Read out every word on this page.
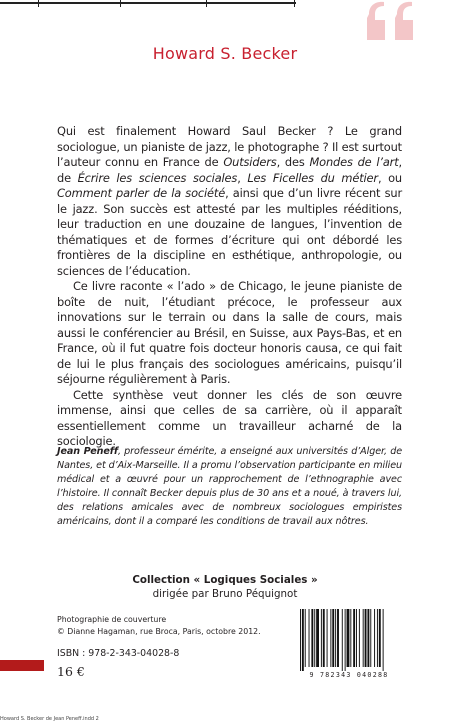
Howard S. Becker

Qui est finalement Howard Saul Becker ? Le grand sociologue, un pianiste de jazz, le photographe ? Il est surtout l’auteur connu en France de Outsiders, des Mondes de l’art, de Écrire les sciences sociales, Les Ficelles du métier, ou Comment parler de la société, ainsi que d’un livre récent sur le jazz. Son succès est attesté par les multiples rééditions, leur traduction en une douzaine de langues, l’invention de thématiques et de formes d’écriture qui ont débordé les frontières de la discipline en esthétique, anthropologie, ou sciences de l’éducation.

Ce livre raconte « l’ado » de Chicago, le jeune pianiste de boîte de nuit, l’étudiant précoce, le professeur aux innovations sur le terrain ou dans la salle de cours, mais aussi le conférencier au Brésil, en Suisse, aux Pays-Bas, et en France, où il fut quatre fois docteur honoris causa, ce qui fait de lui le plus français des sociologues américains, puisqu’il séjourne régulièrement à Paris.

Cette synthèse veut donner les clés de son œuvre immense, ainsi que celles de sa carrière, où il apparaît essentiellement comme un travailleur acharné de la sociologie.

Jean Peneff, professeur émérite, a enseigné aux universités d’Alger, de Nantes, et d’Aix-Marseille. Il a promu l’observation participante en milieu médical et a œuvré pour un rapprochement de l’ethnographie avec l’histoire. Il connaît Becker depuis plus de 30 ans et a noué, à travers lui, des relations amicales avec de nombreux sociologues empiristes américains, dont il a comparé les conditions de travail aux nôtres.
Collection « Logiques Sociales »
dirigée par Bruno Péquignot
Photographie de couverture
© Dianne Hagaman, rue Broca, Paris, octobre 2012.
ISBN : 978-2-343-04028-8
16 €	9 782343 040288
Howard S. Becker de Jean Peneff.indd 2
